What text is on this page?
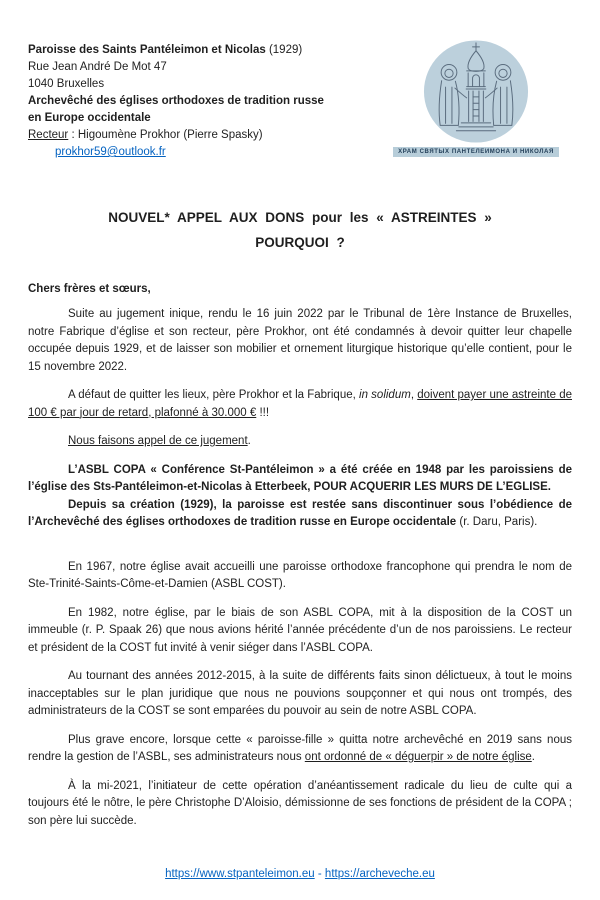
Paroisse des Saints Pantéleimon et Nicolas (1929)
Rue Jean André De Mot 47
1040 Bruxelles
Archevêché des églises orthodoxes de tradition russe
en Europe occidentale
Recteur : Higoumène Prokhor (Pierre Spasky)
prokhor59@outlook.fr	ХРАМ СВЯТЫХ ПАНТЕЛЕИМОНА И НИКОЛАЯ
NOUVEL* APPEL AUX DONS pour les « ASTREINTES »
POURQUOI ?
Chers frères et sœurs,

Suite au jugement inique, rendu le 16 juin 2022 par le Tribunal de 1ère Instance de Bruxelles, notre Fabrique d’église et son recteur, père Prokhor, ont été condamnés à devoir quitter leur chapelle occupée depuis 1929, et de laisser son mobilier et ornement liturgique historique qu’elle contient, pour le 15 novembre 2022.

A défaut de quitter les lieux, père Prokhor et la Fabrique, in solidum, doivent payer une astreinte de 100 € par jour de retard, plafonné à 30.000 € !!!

Nous faisons appel de ce jugement.

L’ASBL COPA « Conférence St-Pantéleimon » a été créée en 1948 par les paroissiens de l’église des Sts-Pantéleimon-et-Nicolas à Etterbeek, POUR ACQUERIR LES MURS DE L’EGLISE.

Depuis sa création (1929), la paroisse est restée sans discontinuer sous l’obédience de l’Archevêché des églises orthodoxes de tradition russe en Europe occidentale (r. Daru, Paris).

En 1967, notre église avait accueilli une paroisse orthodoxe francophone qui prendra le nom de Ste-Trinité-Saints-Côme-et-Damien (ASBL COST).

En 1982, notre église, par le biais de son ASBL COPA, mit à la disposition de la COST un immeuble (r. P. Spaak 26) que nous avions hérité l’année précédente d’un de nos paroissiens. Le recteur et président de la COST fut invité à venir siéger dans l’ASBL COPA.

Au tournant des années 2012-2015, à la suite de différents faits sinon délictueux, à tout le moins inacceptables sur le plan juridique que nous ne pouvions soupçonner et qui nous ont trompés, des administrateurs de la COST se sont emparées du pouvoir au sein de notre ASBL COPA.

Plus grave encore, lorsque cette « paroisse-fille » quitta notre archevêché en 2019 sans nous rendre la gestion de l’ASBL, ses administrateurs nous ont ordonné de « déguerpir » de notre église.

À la mi-2021, l’initiateur de cette opération d’anéantissement radicale du lieu de culte qui a toujours été le nôtre, le père Christophe D’Aloisio, démissionne de ses fonctions de président de la COPA ; son père lui succède.

https://www.stpanteleimon.eu - https://archeveche.eu
